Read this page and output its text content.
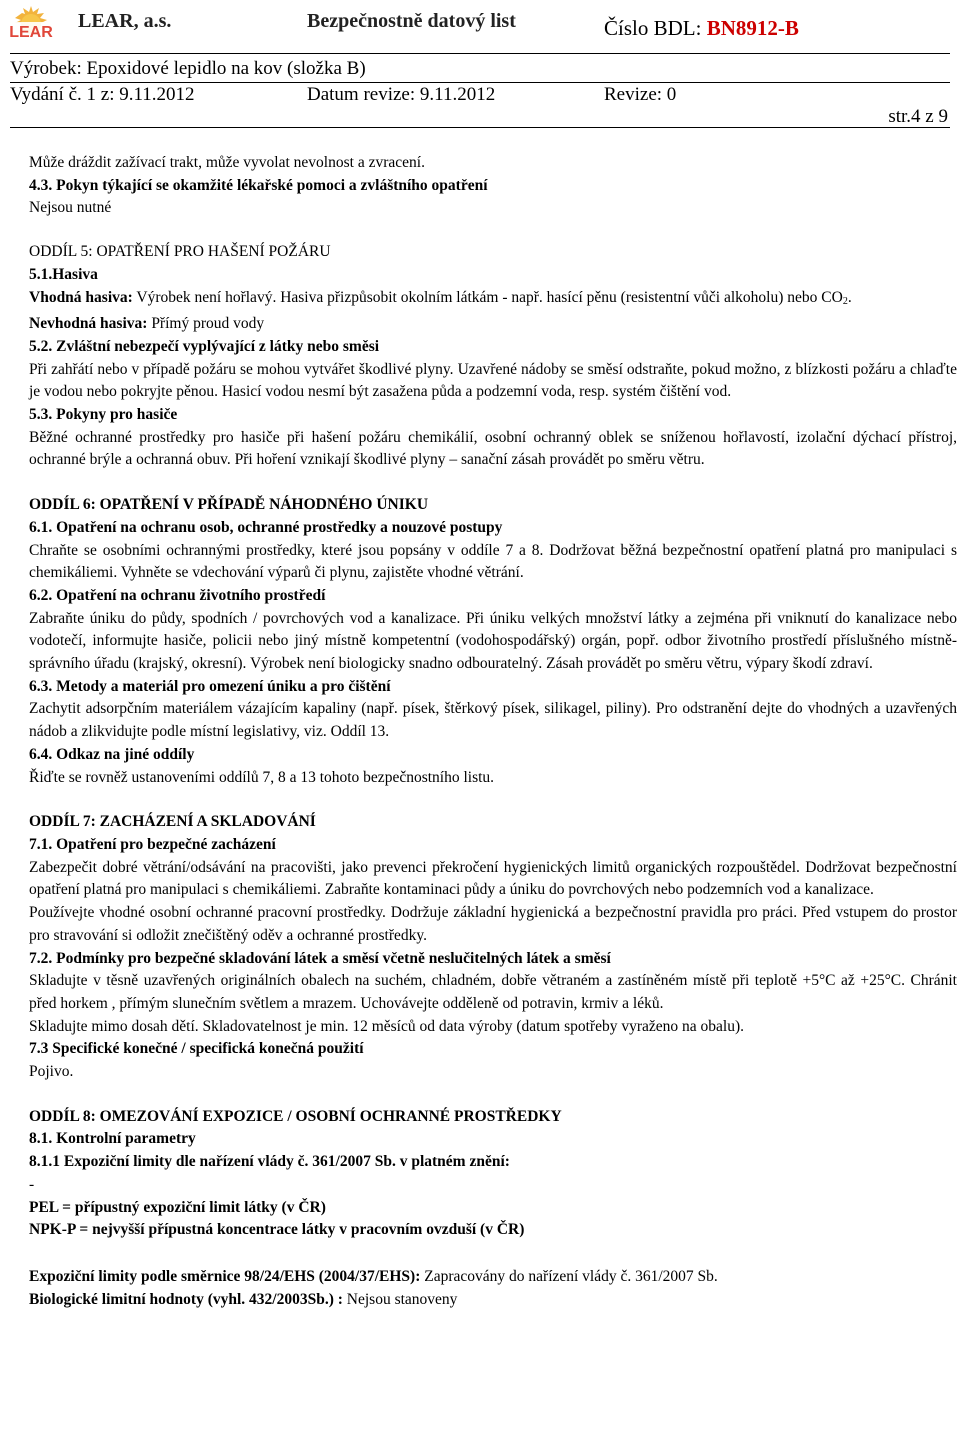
LEAR
LEAR, a.s.	Bezpečnostně datový list	Číslo BDL: BN8912-B
Výrobek: Epoxidové lepidlo na kov (složka B)
Vydání č. 1 z: 9.11.2012	Datum revize: 9.11.2012	Revize: 0
str.4 z 9

Může dráždit zažívací trakt, může vyvolat nevolnost a zvracení.

4.3. Pokyn týkající se okamžité lékařské pomoci a zvláštního opatření

Nejsou nutné

ODDÍL 5: OPATŘENÍ PRO HAŠENÍ POŽÁRU

5.1.Hasiva

Vhodná hasiva: Výrobek není hořlavý. Hasiva přizpůsobit okolním látkám - např. hasící pěnu (resistentní vůči alkoholu) nebo $CO_2$.

Nevhodná hasiva: Přímý proud vody

5.2. Zvláštní nebezpečí vyplývající z látky nebo směsi

Při zahřátí nebo v případě požáru se mohou vytvářet škodlivé plyny. Uzavřené nádoby se směsí odstraňte, pokud možno, z blízkosti požáru a chlaďte je vodou nebo pokryjte pěnou. Hasicí vodou nesmí být zasažena půda a podzemní voda, resp. systém čištění vod.

5.3. Pokyny pro hasiče

Běžné ochranné prostředky pro hasiče při hašení požáru chemikálií, osobní ochranný oblek se sníženou hořlavostí, izolační dýchací přístroj, ochranné brýle a ochranná obuv. Při hoření vznikají škodlivé plyny – sanační zásah provádět po směru větru.

ODDÍL 6: OPATŘENÍ V PŘÍPADĚ NÁHODNÉHO ÚNIKU

6.1. Opatření na ochranu osob, ochranné prostředky a nouzové postupy

Chraňte se osobními ochrannými prostředky, které jsou popsány v oddíle 7 a 8. Dodržovat běžná bezpečnostní opatření platná pro manipulaci s chemikáliemi. Vyhněte se vdechování výparů či plynu, zajistěte vhodné větrání.

6.2. Opatření na ochranu životního prostředí

Zabraňte úniku do půdy, spodních / povrchových vod a kanalizace. Při úniku velkých množství látky a zejména při vniknutí do kanalizace nebo vodotečí, informujte hasiče, policii nebo jiný místně kompetentní (vodohospodářský) orgán, popř. odbor životního prostředí příslušného místně-správního úřadu (krajský, okresní). Výrobek není biologicky snadno odbouratelný. Zásah provádět po směru větru, výpary škodí zdraví.

6.3. Metody a materiál pro omezení úniku a pro čištění

Zachytit adsorpčním materiálem vázajícím kapaliny (např. písek, štěrkový písek, silikagel, piliny). Pro odstranění dejte do vhodných a uzavřených nádob a zlikvidujte podle místní legislativy, viz. Oddíl 13.

6.4. Odkaz na jiné oddíly

Řiďte se rovněž ustanoveními oddílů 7, 8 a 13 tohoto bezpečnostního listu.

ODDÍL 7: ZACHÁZENÍ A SKLADOVÁNÍ

7.1. Opatření pro bezpečné zacházení

Zabezpečit dobré větrání/odsávání na pracovišti, jako prevenci překročení hygienických limitů organických rozpouštědel. Dodržovat bezpečnostní opatření platná pro manipulaci s chemikáliemi. Zabraňte kontaminaci půdy a úniku do povrchových nebo podzemních vod a kanalizace.

Používejte vhodné osobní ochranné pracovní prostředky. Dodržuje základní hygienická a bezpečnostní pravidla pro práci. Před vstupem do prostor pro stravování si odložit znečištěný oděv a ochranné prostředky.

7.2. Podmínky pro bezpečné skladování látek a směsí včetně neslučitelných látek a směsí

Skladujte v těsně uzavřených originálních obalech na suchém, chladném, dobře větraném a zastíněném místě při teplotě +5°C až +25°C. Chránit před horkem , přímým slunečním světlem a mrazem. Uchovávejte odděleně od potravin, krmiv a léků.

Skladujte mimo dosah dětí. Skladovatelnost je min. 12 měsíců od data výroby (datum spotřeby vyraženo na obalu).

7.3 Specifické konečné / specifická konečná použití

Pojivo.

ODDÍL 8: OMEZOVÁNÍ EXPOZICE / OSOBNÍ OCHRANNÉ PROSTŘEDKY

8.1. Kontrolní parametry

8.1.1 Expoziční limity dle nařízení vlády č. 361/2007 Sb. v platném znění:

-

PEL = přípustný expoziční limit látky (v ČR)

NPK-P = nejvyšší přípustná koncentrace látky v pracovním ovzduší (v ČR)

Expoziční limity podle směrnice 98/24/EHS (2004/37/EHS): Zapracovány do nařízení vlády č. 361/2007 Sb.

Biologické limitní hodnoty (vyhl. 432/2003Sb.) : Nejsou stanoveny
